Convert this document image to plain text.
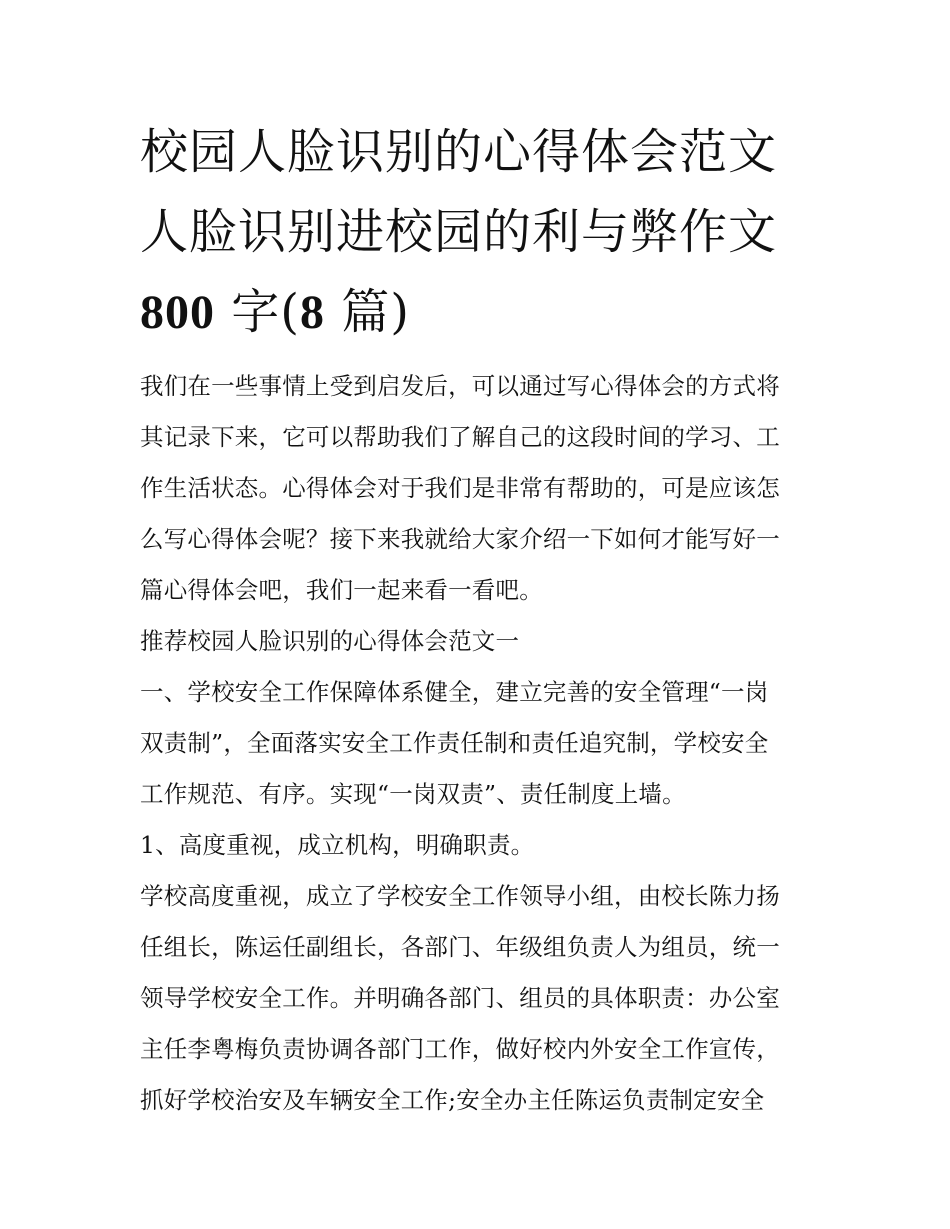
校园人脸识别的心得体会范文
人脸识别进校园的利与弊作文
800 字(8 篇)

我们在一些事情上受到启发后，可以通过写心得体会的方式将
其记录下来，它可以帮助我们了解自己的这段时间的学习、工
作生活状态。心得体会对于我们是非常有帮助的，可是应该怎
么写心得体会呢？接下来我就给大家介绍一下如何才能写好一
篇心得体会吧，我们一起来看一看吧。

推荐校园人脸识别的心得体会范文一

一、学校安全工作保障体系健全，建立完善的安全管理“一岗
双责制”，全面落实安全工作责任制和责任追究制，学校安全
工作规范、有序。实现“一岗双责”、责任制度上墙。

1、高度重视，成立机构，明确职责。

学校高度重视，成立了学校安全工作领导小组，由校长陈力扬
任组长，陈运任副组长，各部门、年级组负责人为组员，统一
领导学校安全工作。并明确各部门、组员的具体职责：办公室
主任李粤梅负责协调各部门工作，做好校内外安全工作宣传，
抓好学校治安及车辆安全工作;安全办主任陈运负责制定安全
